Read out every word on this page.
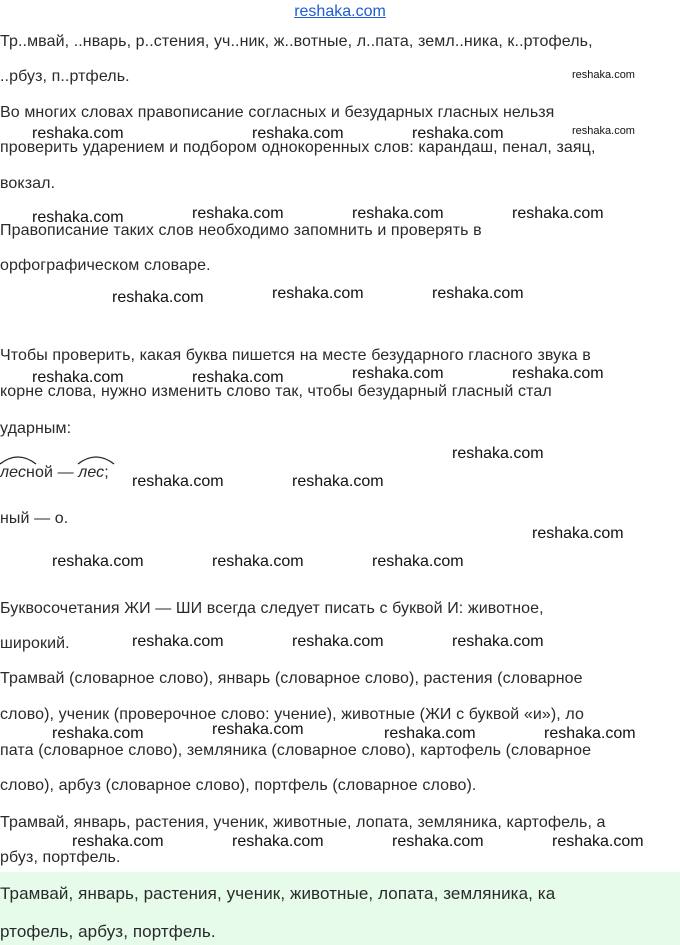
reshaka.com
Тр..мвай, ..нварь, р..стения, уч..ник, ж..вотные, л..пата, земл..ника, к..ртофель,
..рбуз, п..ртфель.
Во многих словах правописание согласных и безударных гласных нельзя
проверить ударением и подбором однокоренных слов: карандаш, пенал, заяц,
вокзал.
Правописание таких слов необходимо запомнить и проверять в
орфографическом словаре.
Чтобы проверить, какая буква пишется на месте безударного гласного звука в
корне слова, нужно изменить слово так, чтобы безударный гласный стал
ударным:
лесной —
лес;
ный — о.
Буквосочетания ЖИ — ШИ всегда следует писать с буквой И: животное,
широкий.
Трамвай (словарное слово), январь (словарное слово), растения (словарное
слово), ученик (проверочное слово: учение), животные (ЖИ с буквой «и»), ло
пата (словарное слово), земляника (словарное слово), картофель (словарное
слово), арбуз (словарное слово), портфель (словарное слово).
Трамвай, январь, растения, ученик, животные, лопата, земляника, картофель, а
рбуз, портфель.
Трамвай, январь, растения, ученик, животные, лопата, земляника, ка
ртофель, арбуз, портфель.
reshaka.com
reshaka.com	reshaka.com	reshaka.com	reshaka.com
reshaka.com	reshaka.com	reshaka.com	reshaka.com
reshaka.com	reshaka.com	reshaka.com
reshaka.com	reshaka.com	reshaka.com	reshaka.com
reshaka.com
reshaka.com	reshaka.com
reshaka.com
reshaka.com	reshaka.com	reshaka.com
reshaka.com	reshaka.com	reshaka.com
reshaka.com	reshaka.com	reshaka.com	reshaka.com
reshaka.com	reshaka.com	reshaka.com	reshaka.com
